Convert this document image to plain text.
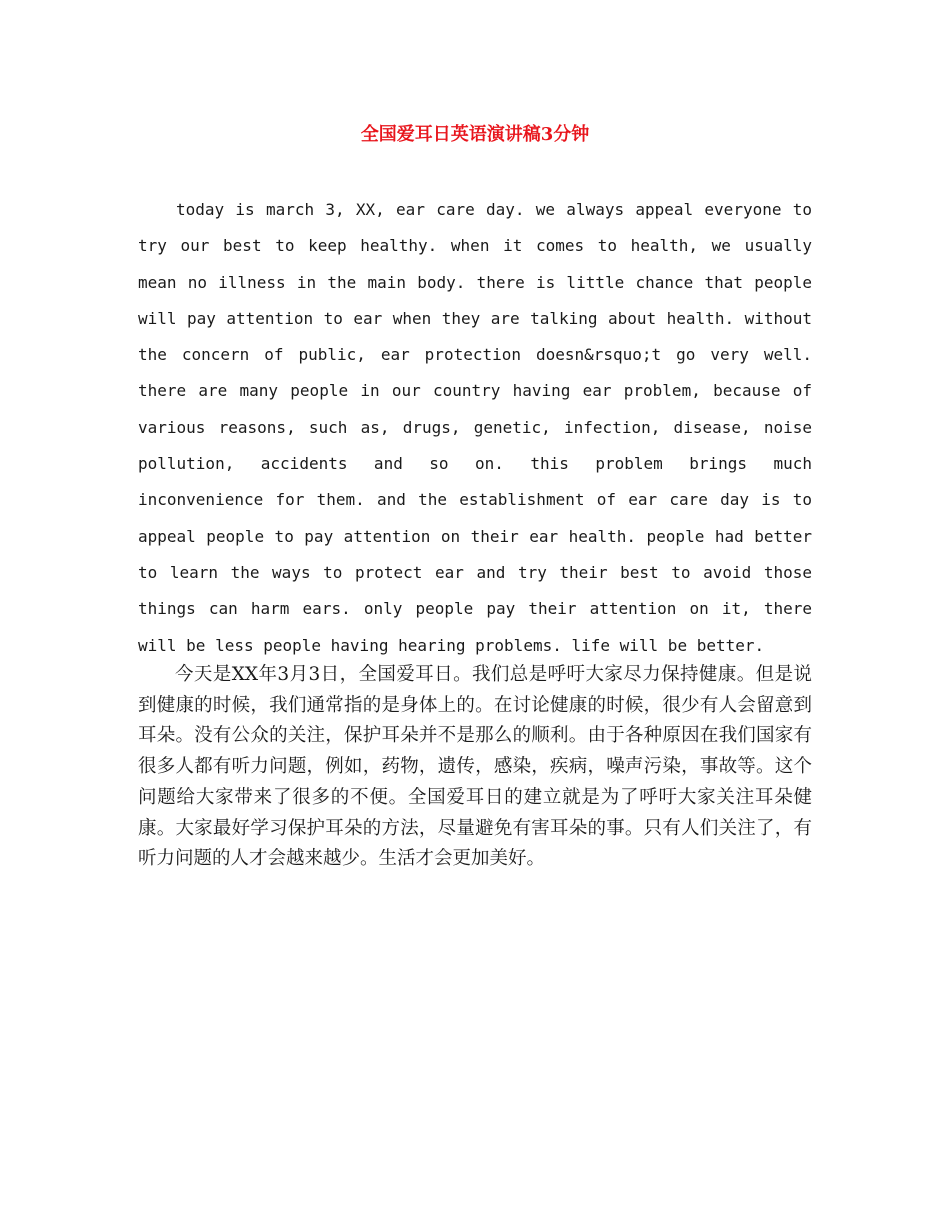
全国爱耳日英语演讲稿3分钟

today is march 3, XX, ear care day. we always appeal everyone to try our best to keep healthy. when it comes to health, we usually mean no illness in the main body. there is little chance that people will pay attention to ear when they are talking about health. without the concern of public, ear protection doesn&rsquo;t go very well. there are many people in our country having ear problem, because of various reasons, such as, drugs, genetic, infection, disease, noise pollution, accidents and so on. this problem brings much inconvenience for them. and the establishment of ear care day is to appeal people to pay attention on their ear health. people had better to learn the ways to protect ear and try their best to avoid those things can harm ears. only people pay their attention on it, there will be less people having hearing problems. life will be better.

今天是XX年3月3日，全国爱耳日。我们总是呼吁大家尽力保持健康。但是说到健康的时候，我们通常指的是身体上的。在讨论健康的时候，很少有人会留意到耳朵。没有公众的关注，保护耳朵并不是那么的顺利。由于各种原因在我们国家有很多人都有听力问题，例如，药物，遗传，感染，疾病，噪声污染，事故等。这个问题给大家带来了很多的不便。全国爱耳日的建立就是为了呼吁大家关注耳朵健康。大家最好学习保护耳朵的方法，尽量避免有害耳朵的事。只有人们关注了，有听力问题的人才会越来越少。生活才会更加美好。
